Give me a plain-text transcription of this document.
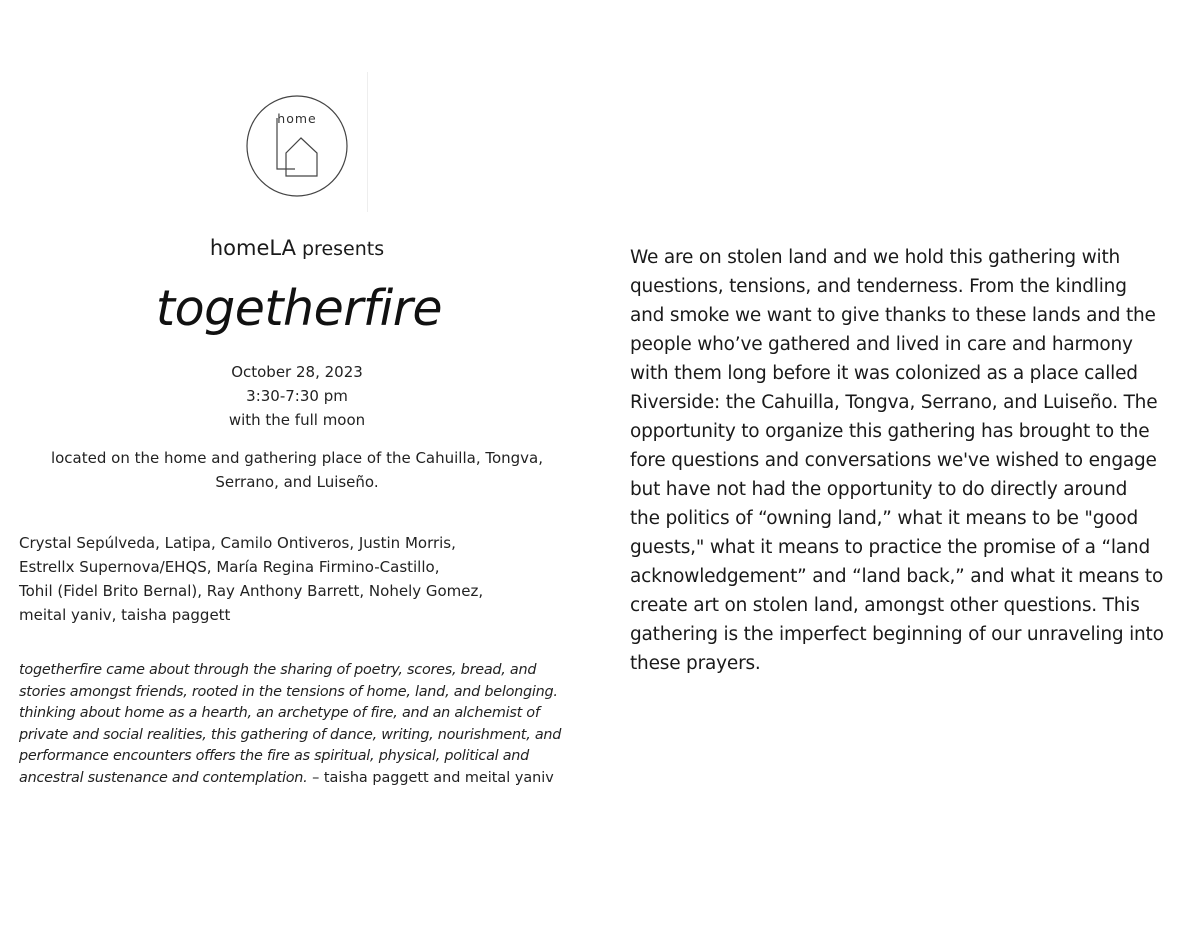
home
homeLA presents
togetherfire
October 28, 2023
3:30-7:30 pm
with the full moon
located on the home and gathering place of the Cahuilla, Tongva, Serrano, and Luiseño.
Crystal Sepúlveda, Latipa, Camilo Ontiveros, Justin Morris,
Estrellx Supernova/EHQS, María Regina Firmino-Castillo,
Tohil (Fidel Brito Bernal), Ray Anthony Barrett, Nohely Gomez,
meital yaniv, taisha paggett
togetherfire came about through the sharing of poetry, scores, bread, and stories amongst friends, rooted in the tensions of home, land, and belonging. thinking about home as a hearth, an archetype of fire, and an alchemist of private and social realities, this gathering of dance, writing, nourishment, and performance encounters offers the fire as spiritual, physical, political and ancestral sustenance and contemplation. – taisha paggett and meital yaniv
We are on stolen land and we hold this gathering with
questions, tensions, and tenderness. From the kindling
and smoke we want to give thanks to these lands and the
people who’ve gathered and lived in care and harmony
with them long before it was colonized as a place called
Riverside: the Cahuilla, Tongva, Serrano, and Luiseño. The
opportunity to organize this gathering has brought to the
fore questions and conversations we've wished to engage
but have not had the opportunity to do directly around
the politics of “owning land,” what it means to be "good
guests," what it means to practice the promise of a “land
acknowledgement” and “land back,” and what it means to
create art on stolen land, amongst other questions. This
gathering is the imperfect beginning of our unraveling into
these prayers.
